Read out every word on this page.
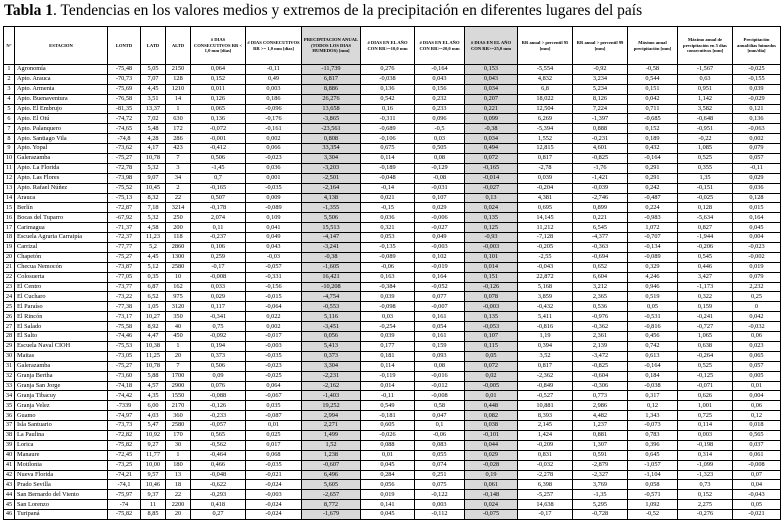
Tabla 1. Tendencias en los valores medios y extremos de la precipitación en diferentes lugares del país
N°	ESTACION	LONTD	LATD	ALTD	# DIAS CONSECUTIVOS RR < 1,0 mm [dias]	# DIAS CONSECUTIVOS RR >= 1,0 mm [dias]	PRECIPITACION ANUAL (TODOS LOS DIAS HUMEDOS) [mm]	# DIAS EN EL AÑO CON RR>=10,0 mm	# DIAS EN EL AÑO CON RR>=20,0 mm	# DIAS EN EL AÑO CON RR>=25,0 mm	RR anual > percentil 95 [mm]	RR anual > percentil 99 [mm]	Máximo anual precipitación [mm]	Máximo anual de precipitación en 5 días consecutivos [mm]	Precipitación anual/días húmedos [mm/día]
1	Agronomía	-75,48	5,05	2150	0,064	-0,11	-11,739	0,276	-0,164	0,153	-5,554	-0,92	-0,58	-1,567	-0,025
2	Apto. Arauca	-70,73	7,07	128	0,152	0,49	6,817	-0,038	0,043	0,043	4,832	3,234	0,544	0,63	-0,155
3	Apto. Armenia	-75,69	4,45	1210	0,011	0,003	8,886	0,136	0,156	0,034	6,8	5,234	0,151	0,951	0,039
4	Apto. Buenaventura	-76,58	3,51	14	0,126	0,186	26,276	0,542	0,232	0,207	18,022	8,126	0,042	1,142	-0,029
5	Apto. El Embrujo	-81,35	13,37	1	0,065	-0,096	13,658	0,16	0,233	0,221	12,504	7,224	0,711	3,582	0,121
6	Apto. El Otú	-74,72	7,02	630	0,136	-0,176	-3,865	-0,311	0,096	0,099	6,269	-1,397	-0,685	-0,648	0,136
7	Apto. Palanquero	-74,65	5,48	172	-0,072	-0,161	-23,561	-0,689	-0,5	-0,38	-5,394	0,888	0,152	-0,951	-0,063
8	Apto. Santiago Vila	-74,8	4,28	286	-0,001	0,002	0,808	-0,106	0,03	0,034	1,552	-0,231	0,189	-0,22	0,002
9	Apto. Yopal	-73,62	4,17	423	-0,412	0,066	33,354	0,675	0,505	0,494	12,815	4,601	0,432	1,085	0,079
10	Galerazamba	-75,27	10,78	7	0,506	-0,023	3,304	0,114	0,08	0,072	0,817	-0,825	-0,164	0,525	0,057
11	Apto. La Florida	-72,78	5,32	3	-1,45	0,036	-3,203	-0,189	-0,129	-0,165	-2,78	-1,76	0,291	0,355	-0,11
12	Apto. Las Flores	-73,98	9,07	34	0,7	0,001	-2,501	-0,048	-0,08	-0,014	0,039	-1,421	0,291	1,35	0,029
13	Apto. Rafael Núñez	-75,52	10,45	2	-0,165	-0,035	-2,164	-0,14	-0,031	-0,027	-0,204	-0,039	0,242	-0,151	0,036
14	Arauca	-75,13	8,32	22	0,507	0,009	4,138	0,021	0,107	0,13	4,381	-2,746	-0,487	-0,025	0,128
15	Berlín	-72,87	7,18	3214	-0,178	-0,089	-1,355	-0,15	0,029	0,024	0,695	0,899	0,224	0,128	0,015
16	Bocas del Tuparro	-67,92	5,32	250	2,074	0,109	5,506	0,036	-0,006	0,135	14,145	0,221	-0,983	-5,634	0,164
17	Carimagua	-71,37	4,58	200	0,11	0,041	15,513	0,321	-0,027	0,125	11,212	6,545	1,072	0,827	0,045
18	Escuela Agraria Carraipía	-72,37	11,23	118	-0,237	0,049	-4,147	0,053	0,049	-0,93	-7,128	-4,377	-0,707	-1,944	0,004
19	Carrizal	-77,77	5,2	2860	0,106	0,043	-3,241	-0,135	-0,003	-0,003	-0,205	-0,363	-0,134	-0,206	-0,023
20	Chapetón	-75,27	4,45	1300	0,259	-0,03	-0,38	-0,089	0,102	0,101	-2,55	-0,694	-0,089	0,545	-0,002
21	Checua Nemocón	-73,87	5,12	2580	-0,17	-0,057	-1,605	-0,06	-0,019	0,014	-0,043	0,652	0,329	0,446	0,019
22	Colosuerta	-77,05	0,35	10	-0,008	-0,331	16,421	0,163	0,164	0,151	22,872	6,604	4,246	3,427	0,079
23	El Centro	-73,77	6,87	162	0,033	-0,156	-10,208	-0,384	-0,052	-0,126	5,168	3,212	0,946	-1,173	2,232
24	El Cucharo	-73,22	6,52	975	0,029	-0,015	-4,754	0,039	0,077	0,078	3,859	2,365	0,519	0,322	0,25
25	El Paraíso	-77,38	1,05	3120	0,117	-0,064	-0,553	-0,098	-0,007	-0,003	-0,432	0,536	0,05	0,159	0
26	El Rincón	-73,17	10,27	350	-0,341	0,022	5,116	0,03	0,161	0,135	5,411	-0,976	-0,531	-0,241	0,042
27	El Salado	-75,58	8,92	40	0,75	0,002	-3,451	-0,254	0,054	-0,053	-0,816	-0,362	-0,816	-0,727	-0,032
28	El Salto	-74,46	4,47	450	-0,092	-0,017	0,056	0,039	0,161	0,107	1,19	2,361	0,456	1,065	0,06
29	Escuela Naval CIOH	-75,53	10,38	1	0,194	-0,003	5,413	0,177	0,159	0,115	0,394	2,139	0,742	0,638	0,023
30	Maitas	-73,05	11,25	20	0,373	-0,035	0,373	0,181	0,093	0,05	3,52	-3,472	0,613	-0,264	0,065
31	Galerazamba	-75,27	10,78	7	0,506	-0,023	3,304	0,114	0,08	0,072	0,817	-0,825	-0,164	0,525	0,057
32	Granja Bertha	-73,60	5,88	1700	0,09	-0,025	-2,231	-0,119	-0,016	0,02	-2,362	-0,604	0,184	-0,125	0,005
33	Granja San Jorge	-74,18	4,57	2900	0,076	0,064	-2,162	0,014	-0,012	-0,005	-0,849	-0,306	-0,038	-0,071	0,01
34	Granja Tibacuy	-74,42	4,35	1550	-0,088	-0,067	-1,403	-0,11	-0,008	0,01	-0,527	0,773	0,317	0,626	0,004
35	Granja Velez	-7339	6,00	2170	-0,126	0,035	19,252	0,549	0,58	0,448	10,881	2,986	0,12	1,001	0,06
36	Guamo	-74,97	4,03	360	-0,233	-0,087	2,994	-0,181	0,047	0,082	8,393	4,482	1,343	0,725	0,12
37	Isla Santuario	-73,73	5,47	2580	-0,057	0,01	2,271	0,605	0,1	0,038	2,145	1,237	-0,073	0,114	0,018
38	La Paulina	-72,82	10,92	170	0,565	0,025	1,499	-0,026	-0,06	-0,101	1,424	0,881	0,783	0,003	0,565
39	Lorica	-75,82	9,27	30	-0,562	0,017	1,52	0,088	0,083	0,044	-0,209	1,307	0,396	-0,198	0,037
40	Manaure	-72,45	11,77	1	-0,464	0,068	1,238	0,01	0,055	0,029	0,831	0,591	0,645	0,314	0,061
41	Motilonia	-73,25	10,00	180	0,466	-0,035	-0,607	0,045	0,074	-0,028	-0,032	-2,879	-1,057	-1,099	-0,008
42	Nueva Florida	-74,21	9,57	13	-0,048	-0,021	6,496	0,284	0,251	0,19	-2,278	-2,327	-1,104	-1,323	0,07
43	Prado Sevilla	-74,1	10,46	18	-0,622	-0,024	5,605	0,056	0,075	0,061	6,398	3,769	0,058	0,73	0,04
44	San Bernardo del Viento	-75,97	9,37	22	-0,293	-0,003	-2,657	0,019	-0,122	-0,148	-5,257	-1,35	-0,571	0,152	-0,043
45	San Lorenzo	-74	11	2200	0,418	-0,024	8,772	0,141	0,003	0,024	14,638	5,295	1,092	2,275	0,05
46	Turipaná	-75,82	8,85	20	0,27	-0,024	-1,679	0,045	-0,112	-0,075	-0,17	-0,728	-0,52	-0,276	-0,021
